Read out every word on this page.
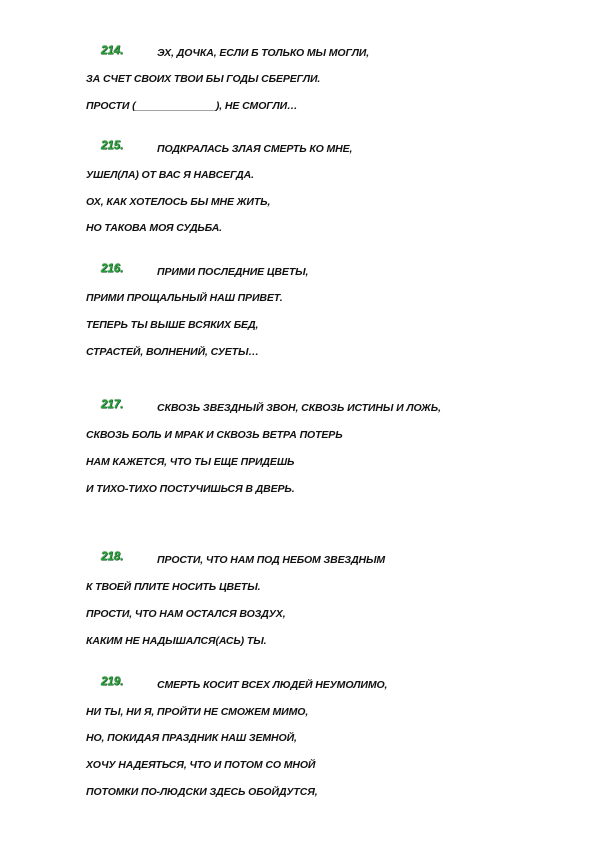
214.	ЭХ, ДОЧКА, ЕСЛИ Б ТОЛЬКО МЫ МОГЛИ,
ЗА СЧЕТ СВОИХ ТВОИ БЫ ГОДЫ СБЕРЕГЛИ.
ПРОСТИ (______________), НЕ СМОГЛИ…
215.	ПОДКРАЛАСЬ ЗЛАЯ СМЕРТЬ КО МНЕ,
УШЕЛ(ЛА) ОТ ВАС Я НАВСЕГДА.
ОХ, КАК ХОТЕЛОСЬ БЫ МНЕ ЖИТЬ,
НО ТАКОВА МОЯ СУДЬБА.
216.	ПРИМИ ПОСЛЕДНИЕ ЦВЕТЫ,
ПРИМИ ПРОЩАЛЬНЫЙ НАШ ПРИВЕТ.
ТЕПЕРЬ ТЫ ВЫШЕ ВСЯКИХ БЕД,
СТРАСТЕЙ, ВОЛНЕНИЙ, СУЕТЫ…
217.	СКВОЗЬ ЗВЕЗДНЫЙ ЗВОН, СКВОЗЬ ИСТИНЫ И ЛОЖЬ,
СКВОЗЬ БОЛЬ И МРАК И СКВОЗЬ ВЕТРА ПОТЕРЬ
НАМ КАЖЕТСЯ, ЧТО ТЫ ЕЩЕ ПРИДЕШЬ
И ТИХО-ТИХО ПОСТУЧИШЬСЯ В ДВЕРЬ.
218.	ПРОСТИ, ЧТО НАМ ПОД НЕБОМ ЗВЕЗДНЫМ
К ТВОЕЙ ПЛИТЕ НОСИТЬ ЦВЕТЫ.
ПРОСТИ, ЧТО НАМ ОСТАЛСЯ ВОЗДУХ,
КАКИМ НЕ НАДЫШАЛСЯ(АСЬ) ТЫ.
219.	СМЕРТЬ КОСИТ ВСЕХ ЛЮДЕЙ НЕУМОЛИМО,
НИ ТЫ, НИ Я, ПРОЙТИ НЕ СМОЖЕМ МИМО,
НО, ПОКИДАЯ ПРАЗДНИК НАШ ЗЕМНОЙ,
ХОЧУ НАДЕЯТЬСЯ, ЧТО И ПОТОМ СО МНОЙ
ПОТОМКИ ПО-ЛЮДСКИ ЗДЕСЬ ОБОЙДУТСЯ,
